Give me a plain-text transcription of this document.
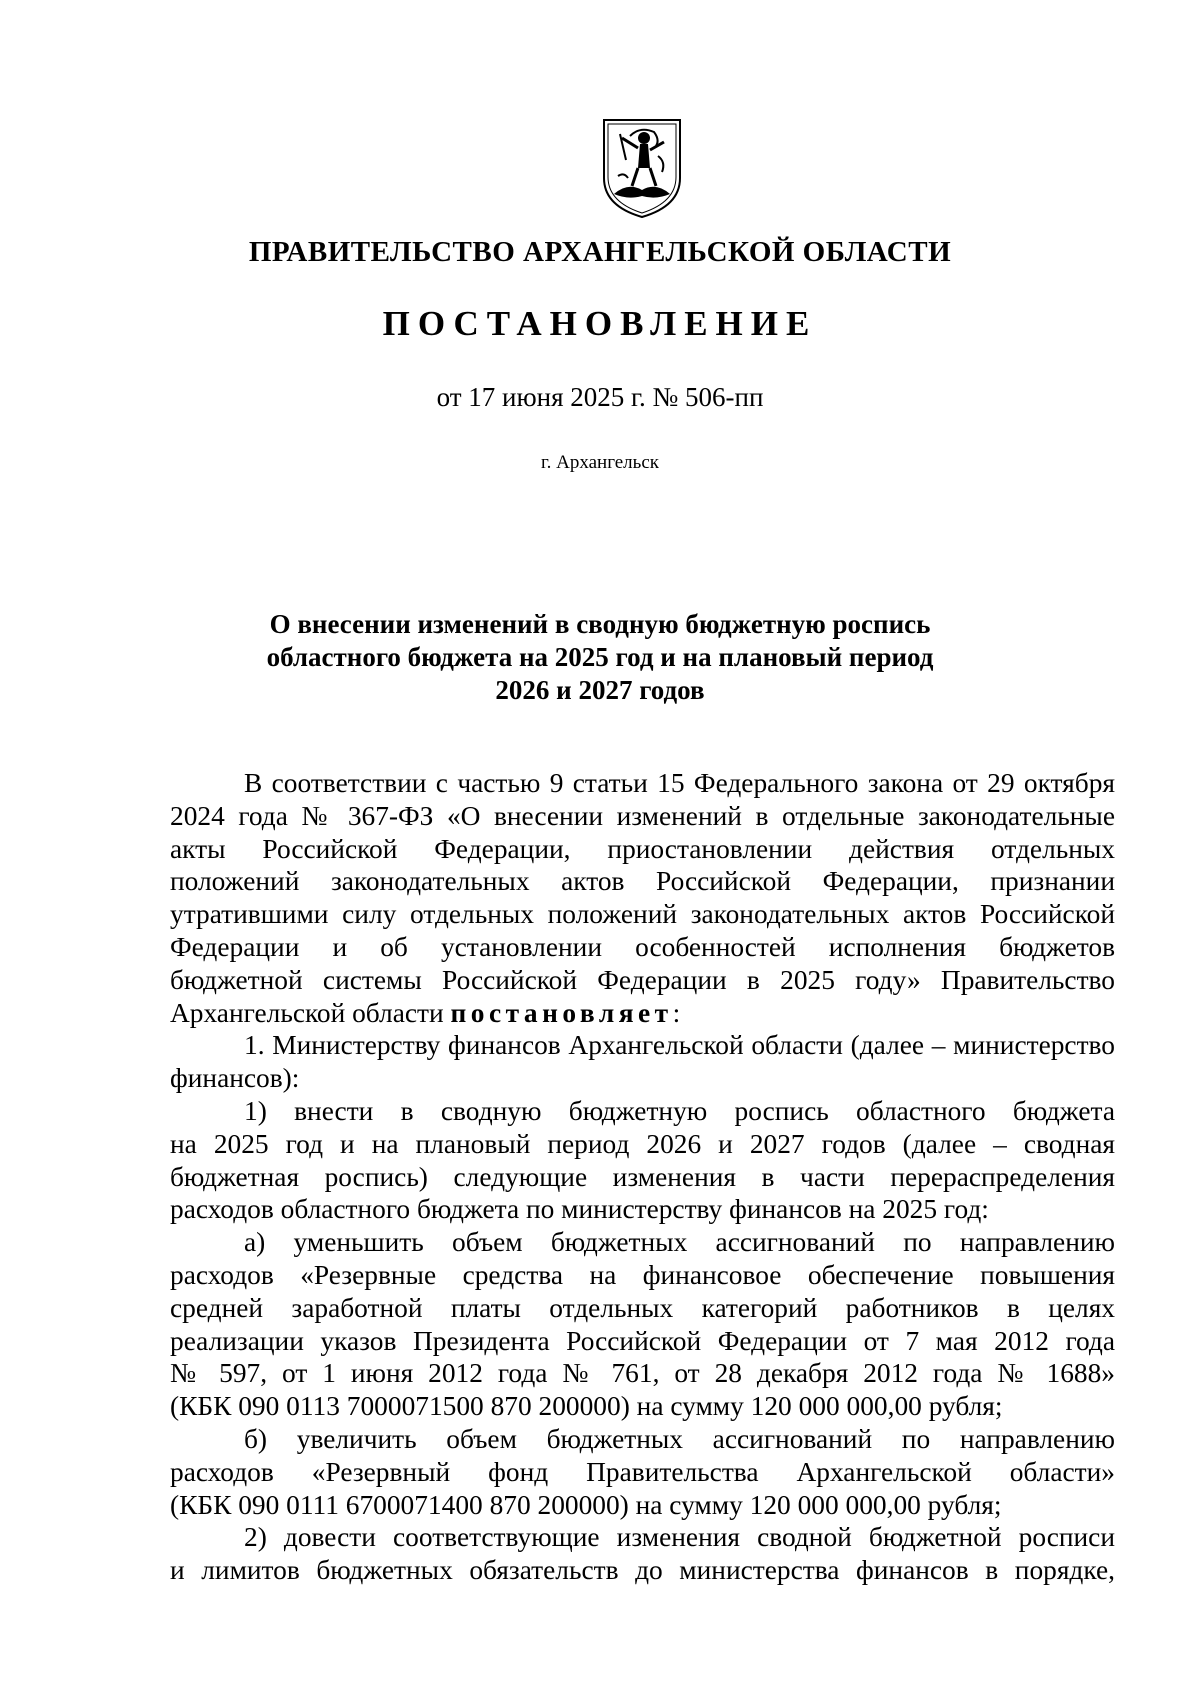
ПРАВИТЕЛЬСТВО АРХАНГЕЛЬСКОЙ ОБЛАСТИ
ПОСТАНОВЛЕНИЕ
от 17 июня 2025 г. № 506-пп
г. Архангельск
О внесении изменений в сводную бюджетную роспись
областного бюджета на 2025 год и на плановый период
2026 и 2027 годов
В соответствии с частью 9 статьи 15 Федерального закона от 29 октября
2024 года № 367-ФЗ «О внесении изменений в отдельные законодательные
акты Российской Федерации, приостановлении действия отдельных
положений законодательных актов Российской Федерации, признании
утратившими силу отдельных положений законодательных актов Российской
Федерации и об установлении особенностей исполнения бюджетов
бюджетной системы Российской Федерации в 2025 году» Правительство
Архангельской области постановляет:
1. Министерству финансов Архангельской области (далее – министерство
финансов):
1) внести в сводную бюджетную роспись областного бюджета
на 2025 год и на плановый период 2026 и 2027 годов (далее – сводная
бюджетная роспись) следующие изменения в части перераспределения
расходов областного бюджета по министерству финансов на 2025 год:
а) уменьшить объем бюджетных ассигнований по направлению
расходов «Резервные средства на финансовое обеспечение повышения
средней заработной платы отдельных категорий работников в целях
реализации указов Президента Российской Федерации от 7 мая 2012 года
№ 597, от 1 июня 2012 года № 761, от 28 декабря 2012 года № 1688»
(КБК 090 0113 7000071500 870 200000) на сумму 120 000 000,00 рубля;
б) увеличить объем бюджетных ассигнований по направлению
расходов «Резервный фонд Правительства Архангельской области»
(КБК 090 0111 6700071400 870 200000) на сумму 120 000 000,00 рубля;
2) довести соответствующие изменения сводной бюджетной росписи
и лимитов бюджетных обязательств до министерства финансов в порядке,
